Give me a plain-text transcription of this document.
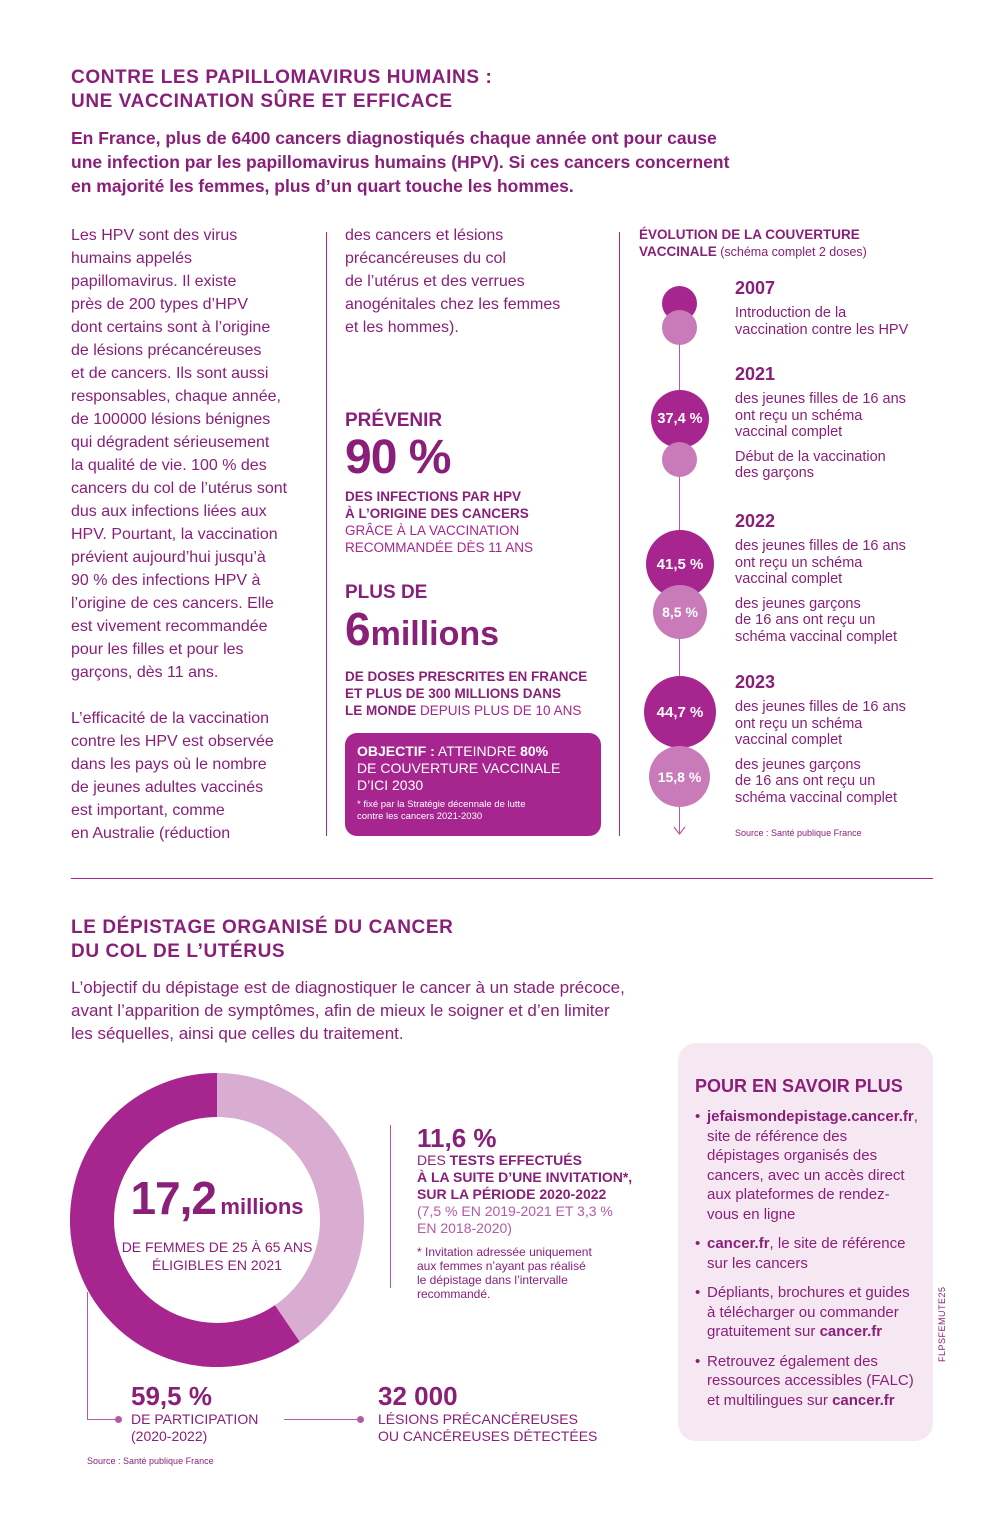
CONTRE LES PAPILLOMAVIRUS HUMAINS :
UNE VACCINATION SÛRE ET EFFICACE
En France, plus de 6400 cancers diagnostiqués chaque année ont pour cause
une infection par les papillomavirus humains (HPV). Si ces cancers concernent
en majorité les femmes, plus d’un quart touche les hommes.
Les HPV sont des virus
humains appelés
papillomavirus. Il existe
près de 200 types d’HPV
dont certains sont à l’origine
de lésions précancéreuses
et de cancers. Ils sont aussi
responsables, chaque année,
de 100000 lésions bénignes
qui dégradent sérieusement
la qualité de vie. 100 % des
cancers du col de l’utérus sont
dus aux infections liées aux
HPV. Pourtant, la vaccination
prévient aujourd’hui jusqu’à
90 % des infections HPV à
l’origine de ces cancers. Elle
est vivement recommandée
pour les filles et pour les
garçons, dès 11 ans.
L’efficacité de la vaccination
contre les HPV est observée
dans les pays où le nombre
de jeunes adultes vaccinés
est important, comme
en Australie (réduction
des cancers et lésions
précancéreuses du col
de l’utérus et des verrues
anogénitales chez les femmes
et les hommes).
PRÉVENIR
90 %
DES INFECTIONS PAR HPV
À L’ORIGINE DES CANCERS
GRÂCE À LA VACCINATION
RECOMMANDÉE DÈS 11 ANS
PLUS DE
6millions
DE DOSES PRESCRITES EN FRANCE
ET PLUS DE 300 MILLIONS DANS
LE MONDE DEPUIS PLUS DE 10 ANS
OBJECTIF : ATTEINDRE 80%
DE COUVERTURE VACCINALE
D’ICI 2030
* fixé par la Stratégie décennale de lutte
contre les cancers 2021-2030
ÉVOLUTION DE LA COUVERTURE
VACCINALE (schéma complet 2 doses)
37,4 %
41,5 %
8,5 %
44,7 %
15,8 %
2007
Introduction de la
vaccination contre les HPV
2021
des jeunes filles de 16 ans
ont reçu un schéma
vaccinal complet
Début de la vaccination
des garçons
2022
des jeunes filles de 16 ans
ont reçu un schéma
vaccinal complet
des jeunes garçons
de 16 ans ont reçu un
schéma vaccinal complet
2023
des jeunes filles de 16 ans
ont reçu un schéma
vaccinal complet
des jeunes garçons
de 16 ans ont reçu un
schéma vaccinal complet
Source : Santé publique France
LE DÉPISTAGE ORGANISÉ DU CANCER
DU COL DE L’UTÉRUS
L’objectif du dépistage est de diagnostiquer le cancer à un stade précoce,
avant l’apparition de symptômes, afin de mieux le soigner et d’en limiter
les séquelles, ainsi que celles du traitement.
17,2 millions
DE FEMMES DE 25 À 65 ANS
ÉLIGIBLES EN 2021
59,5 %
DE PARTICIPATION
(2020-2022)
32 000
LÉSIONS PRÉCANCÉREUSES
OU CANCÉREUSES DÉTECTÉES
11,6 %
DES TESTS EFFECTUÉS
À LA SUITE D’UNE INVITATION*,
SUR LA PÉRIODE 2020-2022
(7,5 % EN 2019-2021 ET 3,3 %
EN 2018-2020)
* Invitation adressée uniquement
aux femmes n’ayant pas réalisé
le dépistage dans l’intervalle
recommandé.
Source : Santé publique France
POUR EN SAVOIR PLUS
• jefaismondepistage.cancer.fr, site de référence des dépistages organisés des cancers, avec un accès direct aux plateformes de rendez-vous en ligne
• cancer.fr, le site de référence sur les cancers
• Dépliants, brochures et guides à télécharger ou commander gratuitement sur cancer.fr
• Retrouvez également des ressources accessibles (FALC) et multilingues sur cancer.fr
FLPSFEMUTE25
